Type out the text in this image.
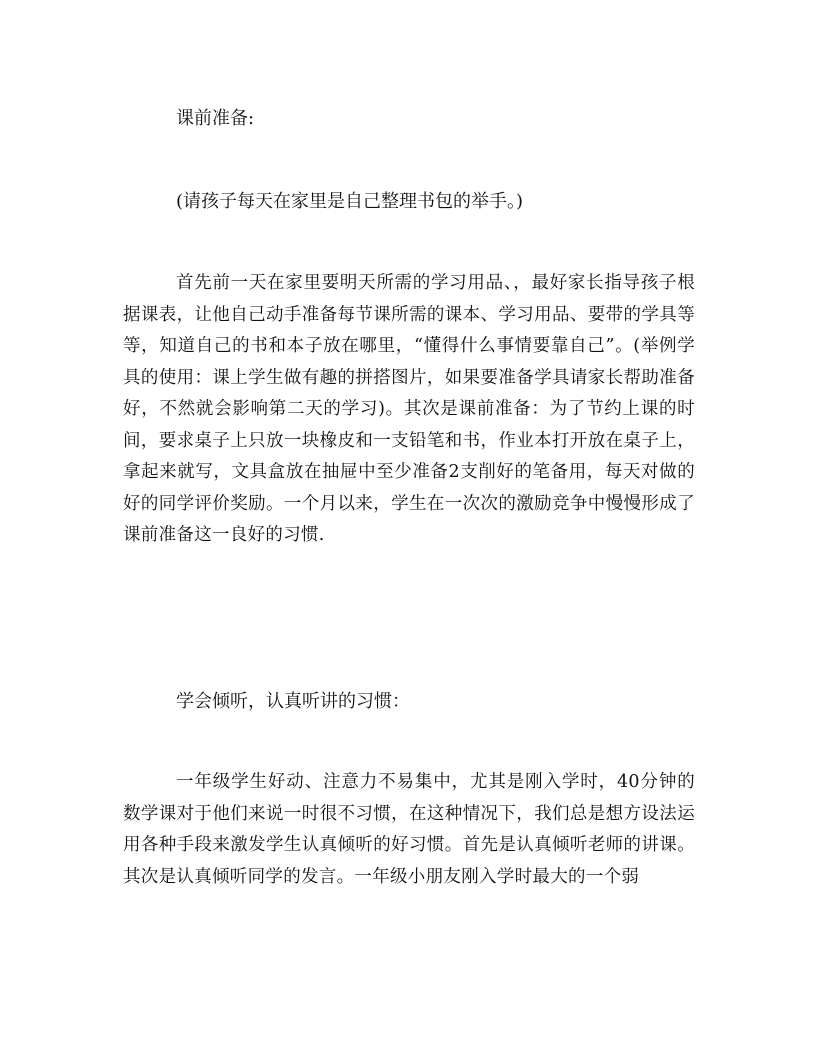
课前准备:
(请孩子每天在家里是自己整理书包的举手。)
首先前一天在家里要明天所需的学习用品、，最好家长指导孩子根据课表，让他自己动手准备每节课所需的课本、学习用品、要带的学具等等，知道自己的书和本子放在哪里，“懂得什么事情要靠自己”。(举例学具的使用：课上学生做有趣的拼搭图片，如果要准备学具请家长帮助准备好，不然就会影响第二天的学习)。其次是课前准备：为了节约上课的时间，要求桌子上只放一块橡皮和一支铅笔和书，作业本打开放在桌子上，拿起来就写，文具盒放在抽屉中至少准备2支削好的笔备用，每天对做的好的同学评价奖励。一个月以来，学生在一次次的激励竞争中慢慢形成了课前准备这一良好的习惯.
学会倾听，认真听讲的习惯：
一年级学生好动、注意力不易集中，尤其是刚入学时，40分钟的数学课对于他们来说一时很不习惯，在这种情况下，我们总是想方设法运用各种手段来激发学生认真倾听的好习惯。首先是认真倾听老师的讲课。其次是认真倾听同学的发言。一年级小朋友刚入学时最大的一个弱
